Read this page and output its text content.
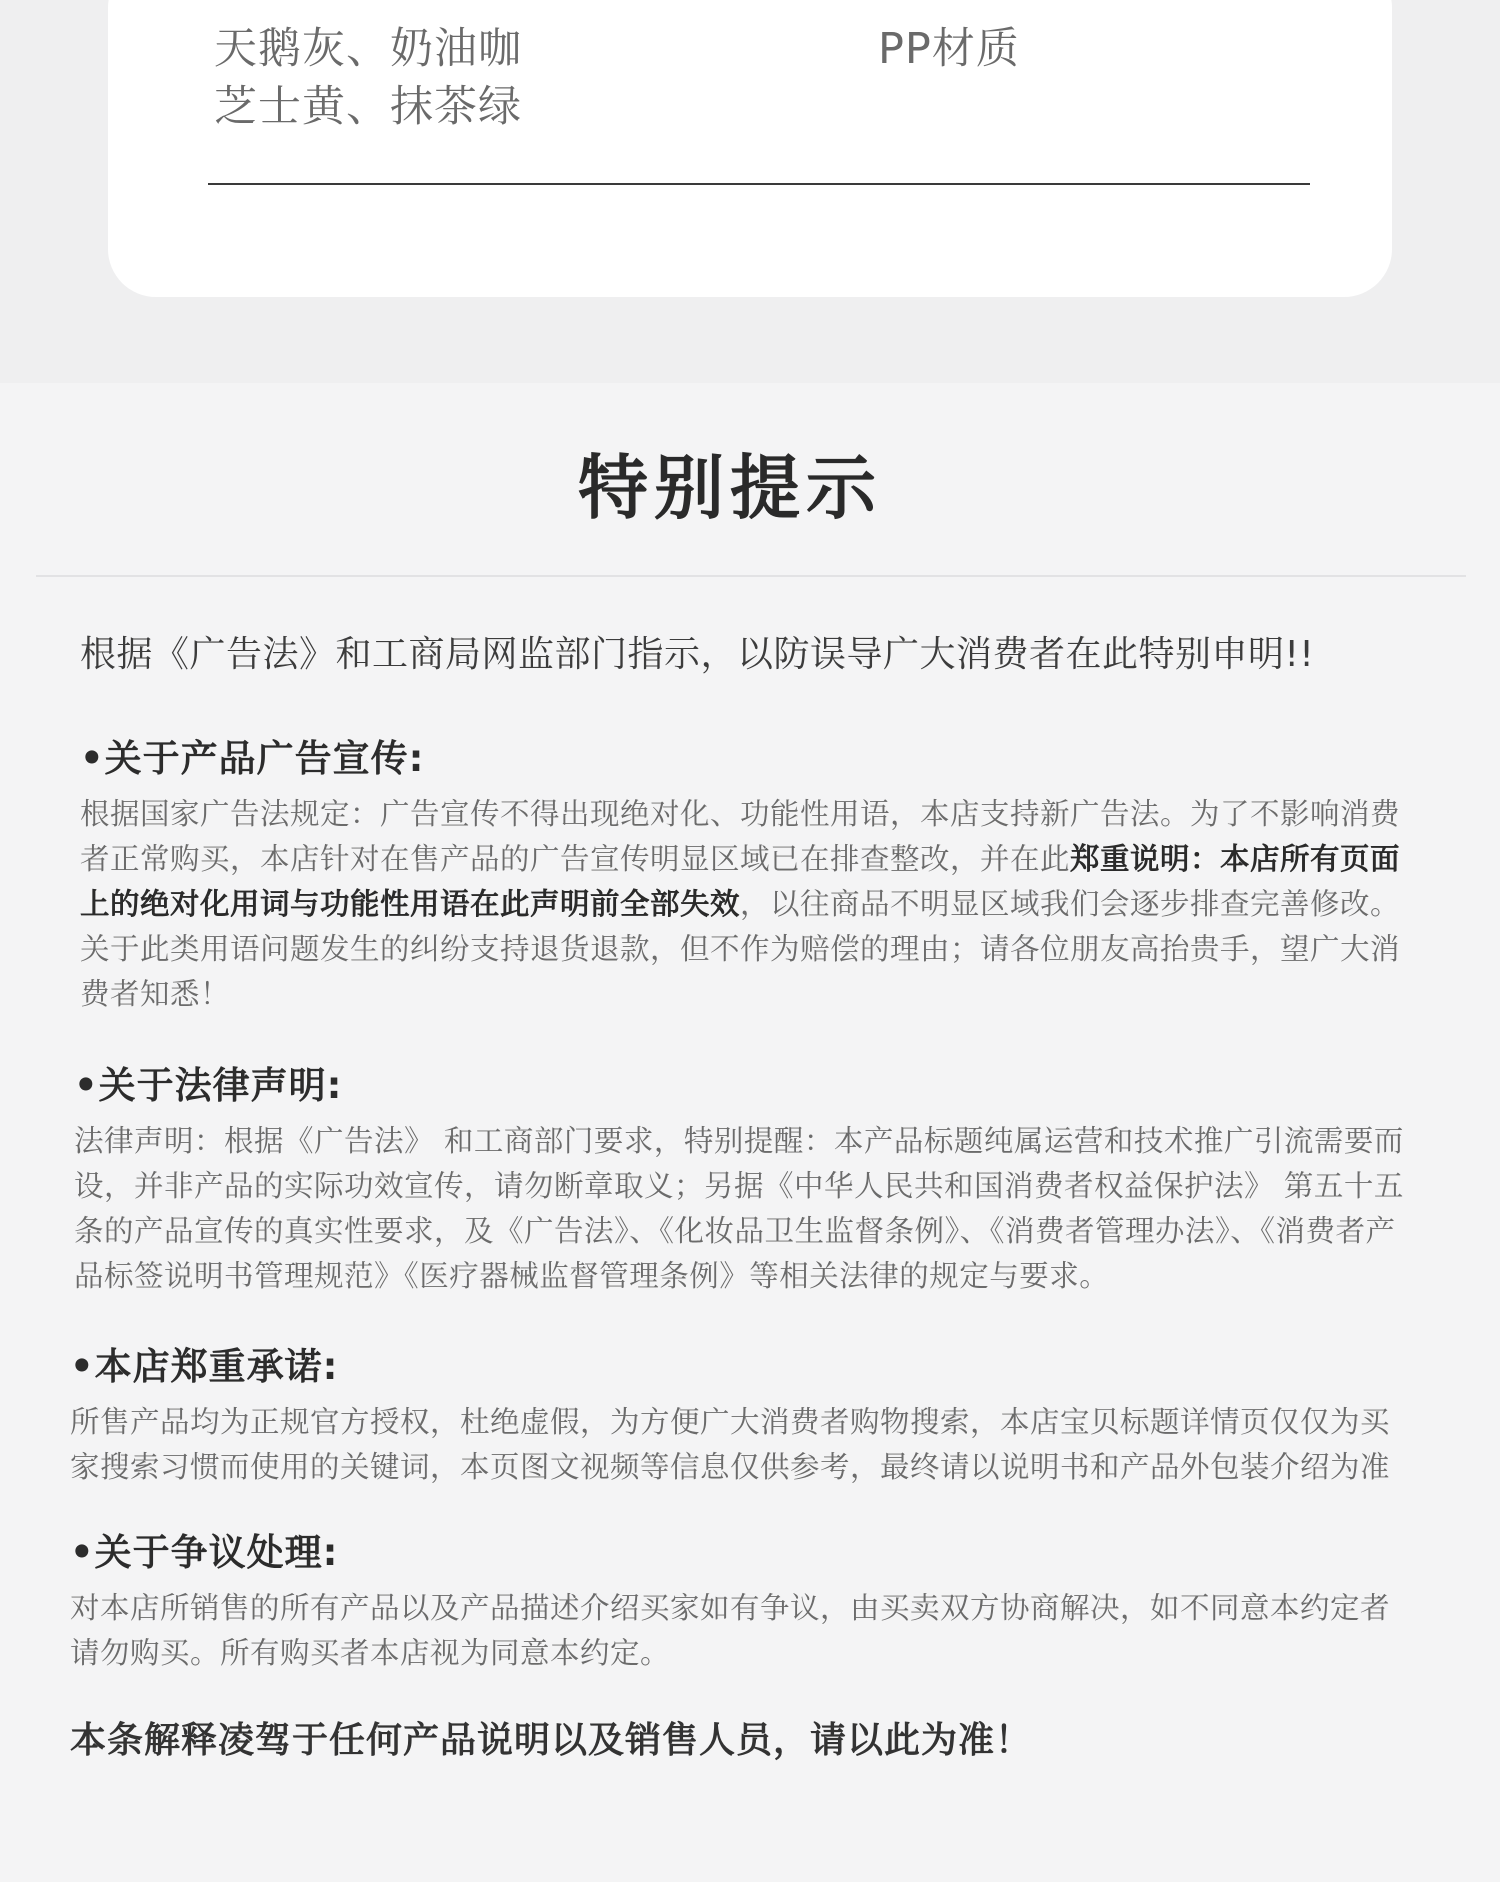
天鹅灰、奶油咖
芝士黄、抹茶绿
PP材质
特别提示
根据《广告法》和工商局网监部门指示，以防误导广大消费者在此特别申明!!
•关于产品广告宣传:
根据国家广告法规定：广告宣传不得出现绝对化、功能性用语，本店支持新广告法。为了不影响消费者正常购买，本店针对在售产品的广告宣传明显区域已在排查整改，并在此郑重说明：本店所有页面上的绝对化用词与功能性用语在此声明前全部失效，以往商品不明显区域我们会逐步排查完善修改。关于此类用语问题发生的纠纷支持退货退款，但不作为赔偿的理由；请各位朋友高抬贵手，望广大消费者知悉！
•关于法律声明:
法律声明：根据《广告法》 和工商部门要求，特别提醒：本产品标题纯属运营和技术推广引流需要而设，并非产品的实际功效宣传，请勿断章取义；另据《中华人民共和国消费者权益保护法》 第五十五条的产品宣传的真实性要求，及《广告法》、《化妆品卫生监督条例》、《消费者管理办法》、《消费者产品标签说明书管理规范》《医疗器械监督管理条例》等相关法律的规定与要求。
•本店郑重承诺:
所售产品均为正规官方授权，杜绝虚假，为方便广大消费者购物搜索，本店宝贝标题详情页仅仅为买家搜索习惯而使用的关键词，本页图文视频等信息仅供参考，最终请以说明书和产品外包装介绍为准
•关于争议处理:
对本店所销售的所有产品以及产品描述介绍买家如有争议，由买卖双方协商解决，如不同意本约定者请勿购买。所有购买者本店视为同意本约定。
本条解释凌驾于任何产品说明以及销售人员，请以此为准！
